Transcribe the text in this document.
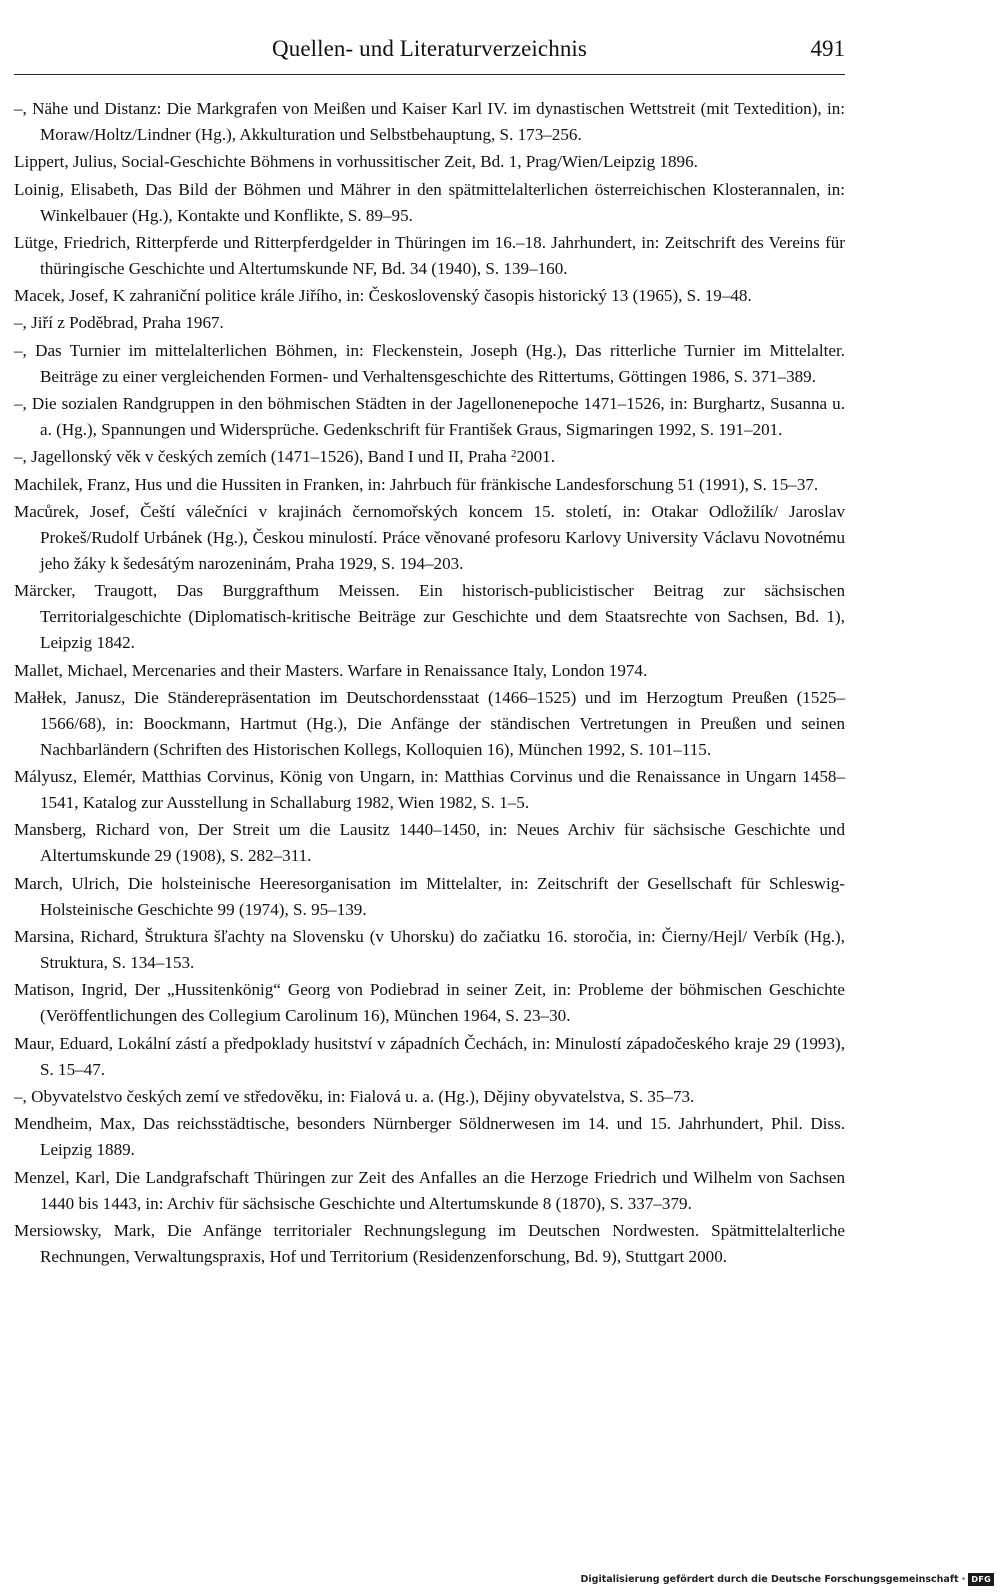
Quellen- und Literaturverzeichnis	491

–, Nähe und Distanz: Die Markgrafen von Meißen und Kaiser Karl IV. im dynastischen Wettstreit (mit Textedition), in: Moraw/Holtz/Lindner (Hg.), Akkulturation und Selbstbehauptung, S. 173–256.

Lippert, Julius, Social-Geschichte Böhmens in vorhussitischer Zeit, Bd. 1, Prag/Wien/Leipzig 1896.

Loinig, Elisabeth, Das Bild der Böhmen und Mährer in den spätmittelalterlichen österreichischen Klosterannalen, in: Winkelbauer (Hg.), Kontakte und Konflikte, S. 89–95.

Lütge, Friedrich, Ritterpferde und Ritterpferdgelder in Thüringen im 16.–18. Jahrhundert, in: Zeitschrift des Vereins für thüringische Geschichte und Altertumskunde NF, Bd. 34 (1940), S. 139–160.

Macek, Josef, K zahraniční politice krále Jiřího, in: Československý časopis historický 13 (1965), S. 19–48.

–, Jiří z Poděbrad, Praha 1967.

–, Das Turnier im mittelalterlichen Böhmen, in: Fleckenstein, Joseph (Hg.), Das ritterliche Turnier im Mittelalter. Beiträge zu einer vergleichenden Formen- und Verhaltensgeschichte des Rittertums, Göttingen 1986, S. 371–389.

–, Die sozialen Randgruppen in den böhmischen Städten in der Jagellonenepoche 1471–1526, in: Burghartz, Susanna u. a. (Hg.), Spannungen und Widersprüche. Gedenkschrift für František Graus, Sigmaringen 1992, S. 191–201.

–, Jagellonský věk v českých zemích (1471–1526), Band I und II, Praha $^2$2001.

Machilek, Franz, Hus und die Hussiten in Franken, in: Jahrbuch für fränkische Landesforschung 51 (1991), S. 15–37.

Macůrek, Josef, Čeští válečníci v krajinách černomořských koncem 15. století, in: Otakar Odložilík/ Jaroslav Prokeš/Rudolf Urbánek (Hg.), Českou minulostí. Práce věnované profesoru Karlovy University Václavu Novotnému jeho žáky k šedesátým narozeninám, Praha 1929, S. 194–203.

Märcker, Traugott, Das Burggrafthum Meissen. Ein historisch-publicistischer Beitrag zur sächsischen Territorialgeschichte (Diplomatisch-kritische Beiträge zur Geschichte und dem Staatsrechte von Sachsen, Bd. 1), Leipzig 1842.

Mallet, Michael, Mercenaries and their Masters. Warfare in Renaissance Italy, London 1974.

Małłek, Janusz, Die Ständerepräsentation im Deutschordensstaat (1466–1525) und im Herzogtum Preußen (1525–1566/68), in: Boockmann, Hartmut (Hg.), Die Anfänge der ständischen Vertretungen in Preußen und seinen Nachbarländern (Schriften des Historischen Kollegs, Kolloquien 16), München 1992, S. 101–115.

Mályusz, Elemér, Matthias Corvinus, König von Ungarn, in: Matthias Corvinus und die Renaissance in Ungarn 1458–1541, Katalog zur Ausstellung in Schallaburg 1982, Wien 1982, S. 1–5.

Mansberg, Richard von, Der Streit um die Lausitz 1440–1450, in: Neues Archiv für sächsische Geschichte und Altertumskunde 29 (1908), S. 282–311.

March, Ulrich, Die holsteinische Heeresorganisation im Mittelalter, in: Zeitschrift der Gesellschaft für Schleswig-Holsteinische Geschichte 99 (1974), S. 95–139.

Marsina, Richard, Štruktura šľachty na Slovensku (v Uhorsku) do začiatku 16. storočia, in: Čierny/Hejl/ Verbík (Hg.), Struktura, S. 134–153.

Matison, Ingrid, Der „Hussitenkönig“ Georg von Podiebrad in seiner Zeit, in: Probleme der böhmischen Geschichte (Veröffentlichungen des Collegium Carolinum 16), München 1964, S. 23–30.

Maur, Eduard, Lokální zástí a předpoklady husitství v západních Čechách, in: Minulostí západočeského kraje 29 (1993), S. 15–47.

–, Obyvatelstvo českých zemí ve středověku, in: Fialová u. a. (Hg.), Dějiny obyvatelstva, S. 35–73.

Mendheim, Max, Das reichsstädtische, besonders Nürnberger Söldnerwesen im 14. und 15. Jahrhundert, Phil. Diss. Leipzig 1889.

Menzel, Karl, Die Landgrafschaft Thüringen zur Zeit des Anfalles an die Herzoge Friedrich und Wilhelm von Sachsen 1440 bis 1443, in: Archiv für sächsische Geschichte und Altertumskunde 8 (1870), S. 337–379.

Mersiowsky, Mark, Die Anfänge territorialer Rechnungslegung im Deutschen Nordwesten. Spätmittelalterliche Rechnungen, Verwaltungspraxis, Hof und Territorium (Residenzenforschung, Bd. 9), Stuttgart 2000.

Digitalisierung gefördert durch die Deutsche Forschungsgemeinschaft · DFG
